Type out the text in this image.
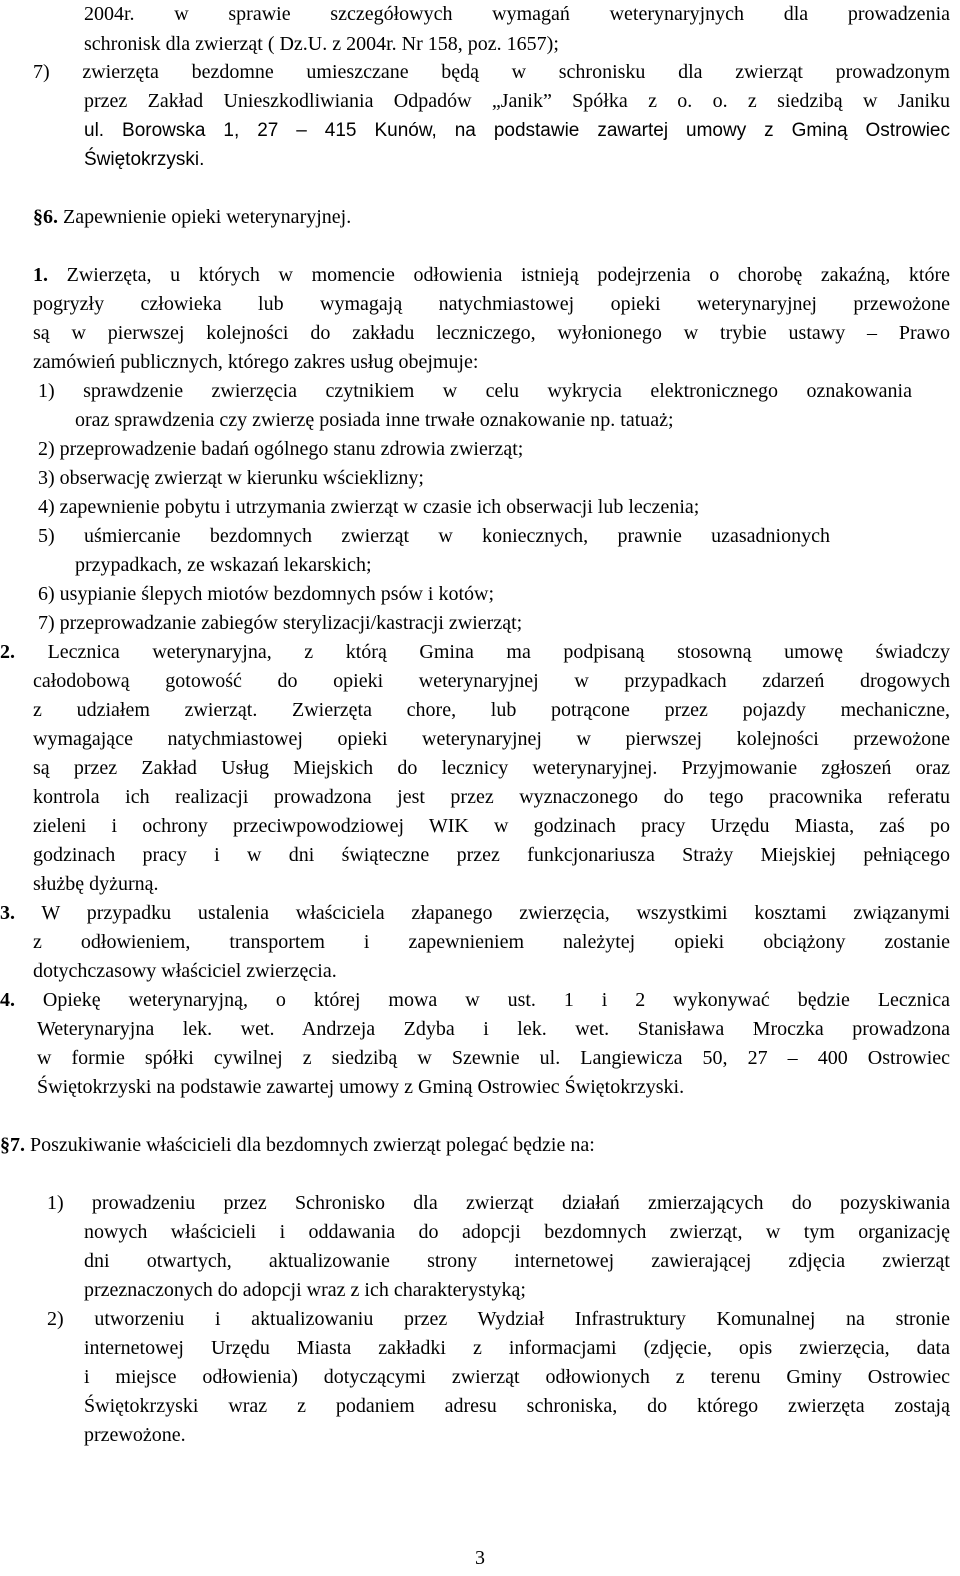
2004r. w sprawie szczegółowych wymagań weterynaryjnych dla prowadzenia
schronisk dla zwierząt ( Dz.U. z 2004r. Nr 158, poz. 1657);
7) zwierzęta bezdomne umieszczane będą w schronisku dla zwierząt prowadzonym
przez Zakład Unieszkodliwiania Odpadów „Janik” Spółka z o. o. z siedzibą w Janiku
ul. Borowska 1, 27 – 415 Kunów, na podstawie zawartej umowy z Gminą Ostrowiec
Świętokrzyski.
§6. Zapewnienie opieki weterynaryjnej.
1. Zwierzęta, u których w momencie odłowienia istnieją podejrzenia o chorobę zakaźną, które
pogryzły człowieka lub wymagają natychmiastowej opieki weterynaryjnej przewożone
są w pierwszej kolejności do zakładu leczniczego, wyłonionego w trybie ustawy – Prawo
zamówień publicznych, którego zakres usług obejmuje:
1) sprawdzenie zwierzęcia czytnikiem w celu wykrycia elektronicznego oznakowania
oraz sprawdzenia czy zwierzę posiada inne trwałe oznakowanie np. tatuaż;
2) przeprowadzenie badań ogólnego stanu zdrowia zwierząt;
3) obserwację zwierząt w kierunku wścieklizny;
4) zapewnienie pobytu i utrzymania zwierząt w czasie ich obserwacji lub leczenia;
5) uśmiercanie bezdomnych zwierząt w koniecznych, prawnie uzasadnionych
przypadkach, ze wskazań lekarskich;
6) usypianie ślepych miotów bezdomnych psów i kotów;
7) przeprowadzanie zabiegów sterylizacji/kastracji zwierząt;
2. Lecznica weterynaryjna, z którą Gmina ma podpisaną stosowną umowę świadczy
całodobową gotowość do opieki weterynaryjnej w przypadkach zdarzeń drogowych
z udziałem zwierząt. Zwierzęta chore, lub potrącone przez pojazdy mechaniczne,
wymagające natychmiastowej opieki weterynaryjnej w pierwszej kolejności przewożone
są przez Zakład Usług Miejskich do lecznicy weterynaryjnej. Przyjmowanie zgłoszeń oraz
kontrola ich realizacji prowadzona jest przez wyznaczonego do tego pracownika referatu
zieleni i ochrony przeciwpowodziowej WIK w godzinach pracy Urzędu Miasta, zaś po
godzinach pracy i w dni świąteczne przez funkcjonariusza Straży Miejskiej pełniącego
służbę dyżurną.
3. W przypadku ustalenia właściciela złapanego zwierzęcia, wszystkimi kosztami związanymi
z odłowieniem, transportem i zapewnieniem należytej opieki obciążony zostanie
dotychczasowy właściciel zwierzęcia.
4. Opiekę weterynaryjną, o której mowa w ust. 1 i 2 wykonywać będzie Lecznica
Weterynaryjna lek. wet. Andrzeja Zdyba i lek. wet. Stanisława Mroczka prowadzona
w formie spółki cywilnej z siedzibą w Szewnie ul. Langiewicza 50, 27 – 400 Ostrowiec
Świętokrzyski na podstawie zawartej umowy z Gminą Ostrowiec Świętokrzyski.
§7. Poszukiwanie właścicieli dla bezdomnych zwierząt polegać będzie na:
1) prowadzeniu przez Schronisko dla zwierząt działań zmierzających do pozyskiwania
nowych właścicieli i oddawania do adopcji bezdomnych zwierząt, w tym organizację
dni otwartych, aktualizowanie strony internetowej zawierającej zdjęcia zwierząt
przeznaczonych do adopcji wraz z ich charakterystyką;
2) utworzeniu i aktualizowaniu przez Wydział Infrastruktury Komunalnej na stronie
internetowej Urzędu Miasta zakładki z informacjami (zdjęcie, opis zwierzęcia, data
i miejsce odłowienia) dotyczącymi zwierząt odłowionych z terenu Gminy Ostrowiec
Świętokrzyski wraz z podaniem adresu schroniska, do którego zwierzęta zostają
przewożone.
3
